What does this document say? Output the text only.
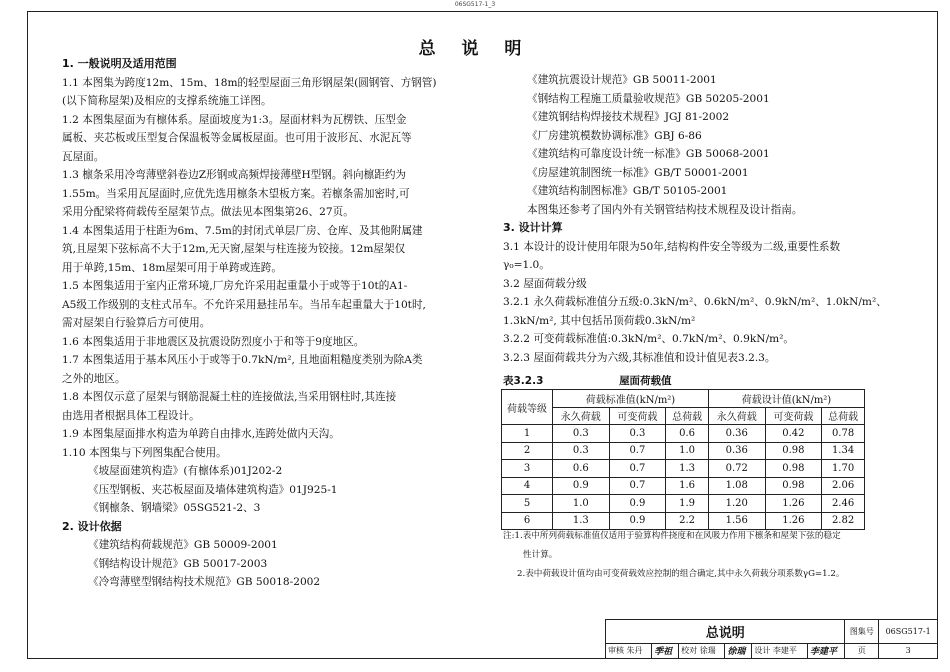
06SG517-1_3
总 说 明

1. 一般说明及适用范围

1.1 本图集为跨度12m、15m、18m的轻型屋面三角形钢屋架(圆钢管、方钢管)

(以下简称屋架)及相应的支撑系统施工详图。

1.2 本图集屋面为有檩体系。屋面坡度为1:3。屋面材料为瓦楞铁、压型金

属板、夹芯板或压型复合保温板等金属板屋面。也可用于波形瓦、水泥瓦等

瓦屋面。

1.3 檩条采用冷弯薄壁斜卷边Z形钢或高频焊接薄壁H型钢。斜向檩距约为

1.55m。当采用瓦屋面时,应优先选用檩条木望板方案。若檩条需加密时,可

采用分配梁将荷载传至屋架节点。做法见本图集第26、27页。

1.4 本图集适用于柱距为6m、7.5m的封闭式单层厂房、仓库、及其他附属建

筑,且屋架下弦标高不大于12m,无天窗,屋架与柱连接为铰接。12m屋架仅

用于单跨,15m、18m屋架可用于单跨或连跨。

1.5 本图集适用于室内正常环境,厂房允许采用起重量小于或等于10t的A1-

A5级工作级别的支柱式吊车。不允许采用悬挂吊车。当吊车起重量大于10t时,

需对屋架自行验算后方可使用。

1.6 本图集适用于非地震区及抗震设防烈度小于和等于9度地区。

1.7 本图集适用于基本风压小于或等于0.7kN/m², 且地面粗糙度类别为除A类

之外的地区。

1.8 本图仅示意了屋架与钢筋混凝土柱的连接做法,当采用钢柱时,其连接

由选用者根据具体工程设计。

1.9 本图集屋面排水构造为单跨自由排水,连跨处做内天沟。

1.10 本图集与下列图集配合使用。

《坡屋面建筑构造》(有檩体系)01J202-2

《压型钢板、夹芯板屋面及墙体建筑构造》01J925-1

《钢檩条、钢墙梁》05SG521-2、3

2. 设计依据

《建筑结构荷载规范》GB 50009-2001

《钢结构设计规范》GB 50017-2003

《冷弯薄壁型钢结构技术规范》GB 50018-2002

《建筑抗震设计规范》GB 50011-2001

《钢结构工程施工质量验收规范》GB 50205-2001

《建筑钢结构焊接技术规程》JGJ 81-2002

《厂房建筑模数协调标准》GBJ 6-86

《建筑结构可靠度设计统一标准》GB 50068-2001

《房屋建筑制图统一标准》GB/T 50001-2001

《建筑结构制图标准》GB/T 50105-2001

本图集还参考了国内外有关钢管结构技术规程及设计指南。

3. 设计计算

3.1 本设计的设计使用年限为50年,结构构件安全等级为二级,重要性系数

γ₀=1.0。

3.2 屋面荷载分级

3.2.1 永久荷载标准值分五级:0.3kN/m²、0.6kN/m²、0.9kN/m²、1.0kN/m²、

1.3kN/m², 其中包括吊顶荷载0.3kN/m²

3.2.2 可变荷载标准值:0.3kN/m²、0.7kN/m²、0.9kN/m²。

3.2.3 屋面荷载共分为六级,其标准值和设计值见表3.2.3。

表3.2.3	屋面荷载值
荷载等级	荷载标准值(kN/m²)			荷载设计值(kN/m²)		
	永久荷载	可变荷载	总荷载	永久荷载	可变荷载	总荷载
1	0.3	0.3	0.6	0.36	0.42	0.78
2	0.3	0.7	1.0	0.36	0.98	1.34
3	0.6	0.7	1.3	0.72	0.98	1.70
4	0.9	0.7	1.6	1.08	0.98	2.06
5	1.0	0.9	1.9	1.20	1.26	2.46
6	1.3	0.9	2.2	1.56	1.26	2.82

注:1.表中所列荷载标准值仅适用于验算构件挠度和在风吸力作用下檩条和屋架下弦的稳定

性计算。

2.表中荷载设计值均由可变荷载效应控制的组合确定,其中永久荷载分项系数γG=1.2。

总说明						图集号	06SG517-1
审核 朱丹	季祖	校对 徐瑞	徐瑞	设计 李建平	李建平	页	3
